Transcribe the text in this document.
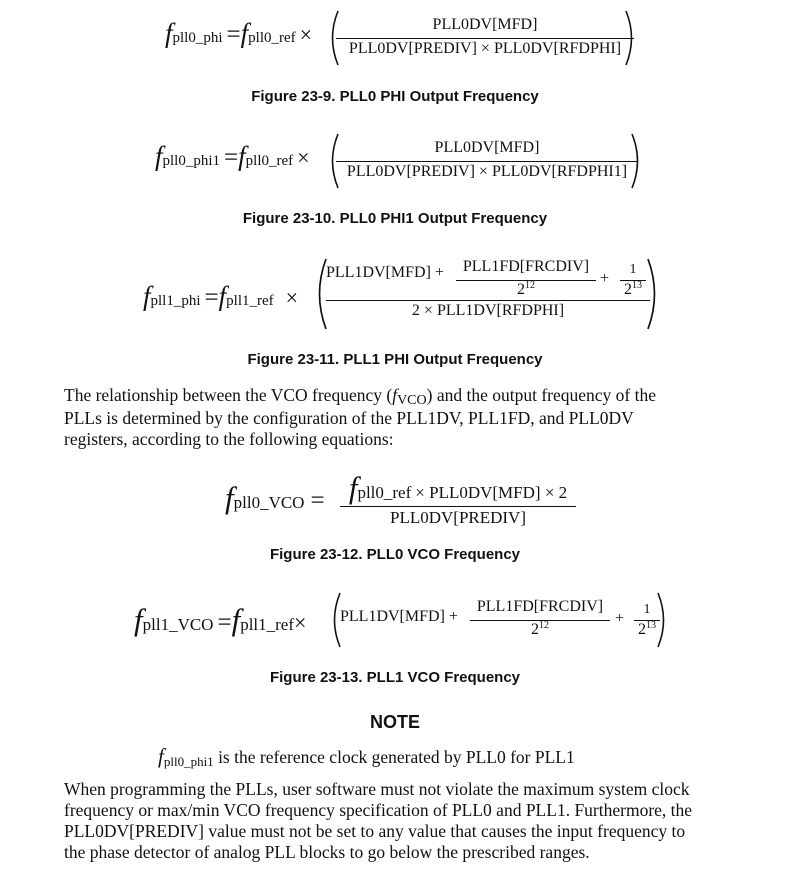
fpll0_phi =fpll0_ref ×	PLL0DV[MFD]
PLL0DV[PREDIV] × PLL0DV[RFDPHI]
Figure 23-9. PLL0 PHI Output Frequency
fpll0_phi1 =fpll0_ref ×	PLL0DV[MFD]
PLL0DV[PREDIV] × PLL0DV[RFDPHI1]
Figure 23-10. PLL0 PHI1 Output Frequency
fpll1_phi =fpll1_ref ×
PLL1DV[MFD] +	PLL1FD[FRCDIV]
$2^{12}$	+
1
$2^{13}$
2 × PLL1DV[RFDPHI]
Figure 23-11. PLL1 PHI Output Frequency
The relationship between the VCO frequency (fVCO) and the output frequency of the
PLLs is determined by the configuration of the PLL1DV, PLL1FD, and PLL0DV
registers, according to the following equations:
fpll0_VCO = fpll0_ref × PLL0DV[MFD] × 2
PLL0DV[PREDIV]
Figure 23-12. PLL0 VCO Frequency
fpll1_VCO =fpll1_ref× PLL1DV[MFD] +
PLL1FD[FRCDIV]
$2^{12}$	+
1
$2^{13}$
Figure 23-13. PLL1 VCO Frequency
NOTE
fpll0_phi1 is the reference clock generated by PLL0 for PLL1
When programming the PLLs, user software must not violate the maximum system clock
frequency or max/min VCO frequency specification of PLL0 and PLL1. Furthermore, the
PLL0DV[PREDIV] value must not be set to any value that causes the input frequency to
the phase detector of analog PLL blocks to go below the prescribed ranges.
